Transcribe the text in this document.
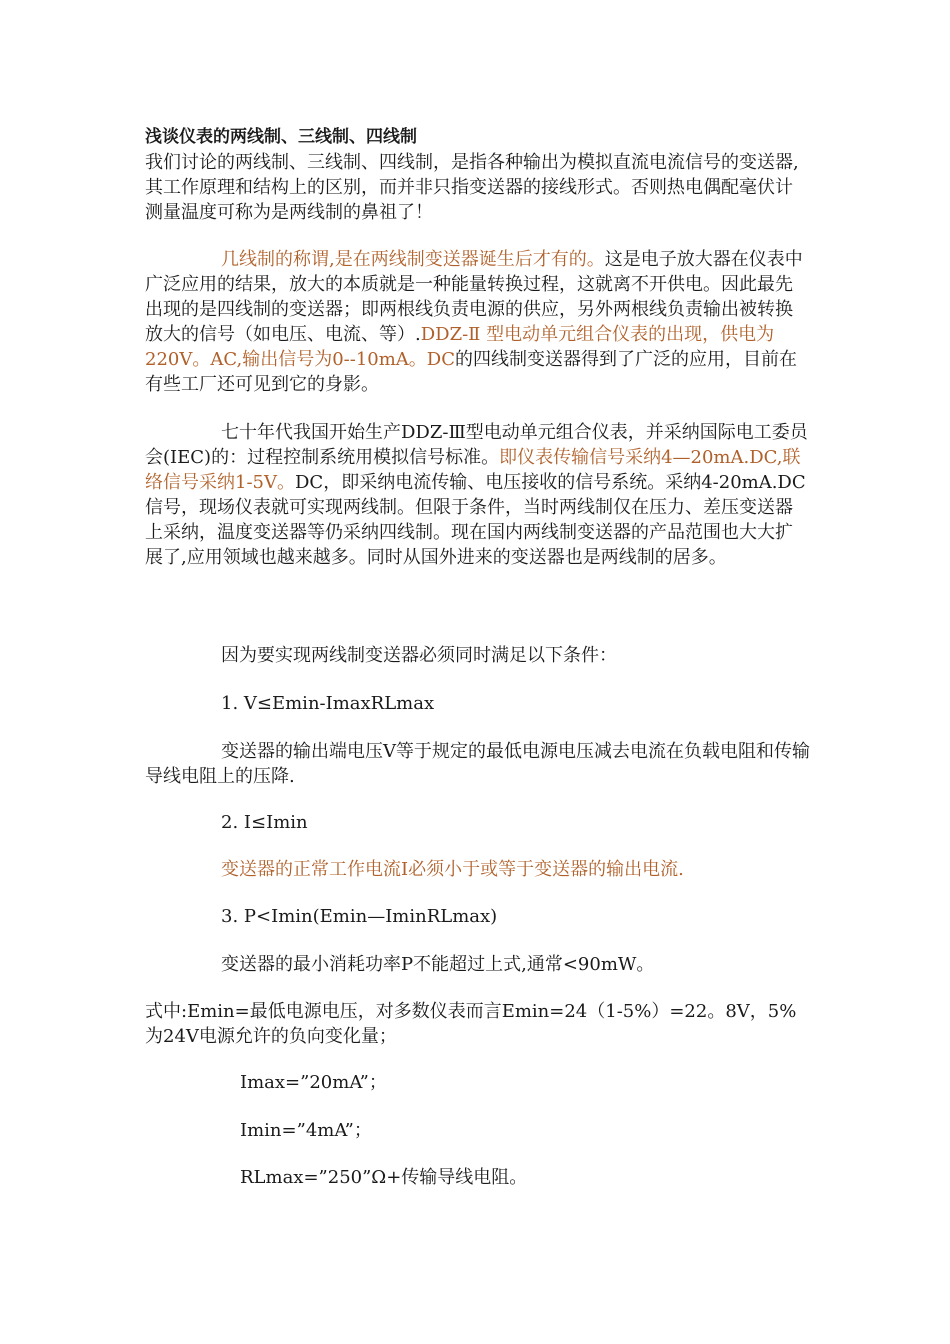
浅谈仪表的两线制、三线制、四线制

我们讨论的两线制、三线制、四线制，是指各种输出为模拟直流电流信号的变送器,其工作原理和结构上的区别，而并非只指变送器的接线形式。否则热电偶配毫伏计测量温度可称为是两线制的鼻祖了！

几线制的称谓,是在两线制变送器诞生后才有的。这是电子放大器在仪表中广泛应用的结果，放大的本质就是一种能量转换过程，这就离不开供电。因此最先出现的是四线制的变送器；即两根线负责电源的供应，另外两根线负责输出被转换放大的信号（如电压、电流、等）.DDZ-Ⅱ 型电动单元组合仪表的出现，供电为220V。AC,输出信号为0--10mA。DC的四线制变送器得到了广泛的应用，目前在有些工厂还可见到它的身影。

七十年代我国开始生产DDZ-Ⅲ型电动单元组合仪表，并采纳国际电工委员会(IEC)的：过程控制系统用模拟信号标准。即仪表传输信号采纳4—20mA.DC,联络信号采纳1-5V。DC，即采纳电流传输、电压接收的信号系统。采纳4-20mA.DC信号，现场仪表就可实现两线制。但限于条件，当时两线制仅在压力、差压变送器上采纳，温度变送器等仍采纳四线制。现在国内两线制变送器的产品范围也大大扩展了,应用领域也越来越多。同时从国外进来的变送器也是两线制的居多。

因为要实现两线制变送器必须同时满足以下条件：

1. V≤Emin-ImaxRLmax

变送器的输出端电压V等于规定的最低电源电压减去电流在负载电阻和传输导线电阻上的压降.

2. I≤Imin

变送器的正常工作电流I必须小于或等于变送器的输出电流.

3. P<Imin(Emin—IminRLmax)

变送器的最小消耗功率P不能超过上式,通常<90mW。

式中:Emin=最低电源电压，对多数仪表而言Emin=24（1-5%）=22。8V，5%为24V电源允许的负向变化量；

Imax=”20mA”；

Imin=”4mA”；

RLmax=”250”Ω+传输导线电阻。
